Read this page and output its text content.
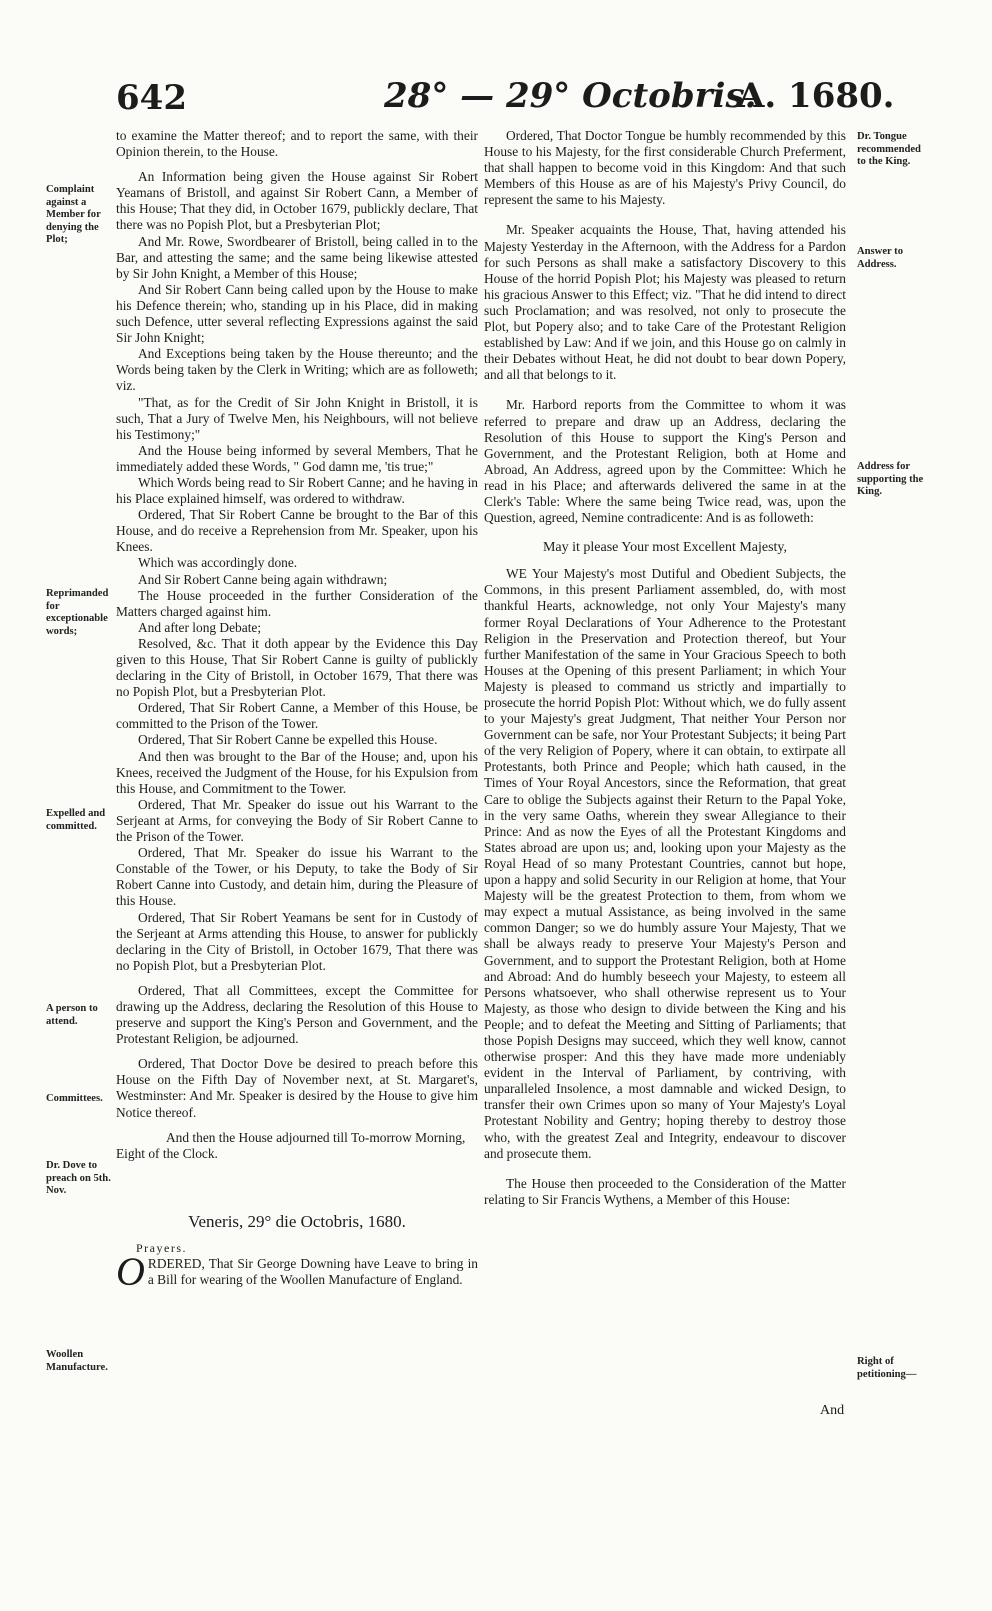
642	28° — 29° Octobris.
A. 1680.

to examine the Matter thereof; and to report the same, with their Opinion therein, to the House.

An Information being given the House against Sir Robert Yeamans of Bristoll, and against Sir Robert Cann, a Member of this House; That they did, in October 1679, publickly declare, That there was no Popish Plot, but a Presbyterian Plot;

And Mr. Rowe, Swordbearer of Bristoll, being called in to the Bar, and attesting the same; and the same being likewise attested by Sir John Knight, a Member of this House;

And Sir Robert Cann being called upon by the House to make his Defence therein; who, standing up in his Place, did in making such Defence, utter several reflecting Expressions against the said Sir John Knight;

And Exceptions being taken by the House thereunto; and the Words being taken by the Clerk in Writing; which are as followeth; viz.

"That, as for the Credit of Sir John Knight in Bristoll, it is such, That a Jury of Twelve Men, his Neighbours, will not believe his Testimony;"

And the House being informed by several Members, That he immediately added these Words, " God damn me, 'tis true;"

Which Words being read to Sir Robert Canne; and he having in his Place explained himself, was ordered to withdraw.

Ordered, That Sir Robert Canne be brought to the Bar of this House, and do receive a Reprehension from Mr. Speaker, upon his Knees.

Which was accordingly done.

And Sir Robert Canne being again withdrawn;

The House proceeded in the further Consideration of the Matters charged against him.

And after long Debate;

Resolved, &c. That it doth appear by the Evidence this Day given to this House, That Sir Robert Canne is guilty of publickly declaring in the City of Bristoll, in October 1679, That there was no Popish Plot, but a Presbyterian Plot.

Ordered, That Sir Robert Canne, a Member of this House, be committed to the Prison of the Tower.

Ordered, That Sir Robert Canne be expelled this House.

And then was brought to the Bar of the House; and, upon his Knees, received the Judgment of the House, for his Expulsion from this House, and Commitment to the Tower.

Ordered, That Mr. Speaker do issue out his Warrant to the Serjeant at Arms, for conveying the Body of Sir Robert Canne to the Prison of the Tower.

Ordered, That Mr. Speaker do issue his Warrant to the Constable of the Tower, or his Deputy, to take the Body of Sir Robert Canne into Custody, and detain him, during the Pleasure of this House.

Ordered, That Sir Robert Yeamans be sent for in Custody of the Serjeant at Arms attending this House, to answer for publickly declaring in the City of Bristoll, in October 1679, That there was no Popish Plot, but a Presbyterian Plot.

Ordered, That all Committees, except the Committee for drawing up the Address, declaring the Resolution of this House to preserve and support the King's Person and Government, and the Protestant Religion, be adjourned.

Ordered, That Doctor Dove be desired to preach before this House on the Fifth Day of November next, at St. Margaret's, Westminster: And Mr. Speaker is desired by the House to give him Notice thereof.

And then the House adjourned till To-morrow Morning, Eight of the Clock.

Veneris, 29° die Octobris, 1680.

Prayers.

ORDERED, That Sir George Downing have Leave to bring in a Bill for wearing of the Woollen Manufacture of England.

Ordered, That Doctor Tongue be humbly recommended by this House to his Majesty, for the first considerable Church Preferment, that shall happen to become void in this Kingdom: And that such Members of this House as are of his Majesty's Privy Council, do represent the same to his Majesty.

Mr. Speaker acquaints the House, That, having attended his Majesty Yesterday in the Afternoon, with the Address for a Pardon for such Persons as shall make a satisfactory Discovery to this House of the horrid Popish Plot; his Majesty was pleased to return his gracious Answer to this Effect; viz. "That he did intend to direct such Proclamation; and was resolved, not only to prosecute the Plot, but Popery also; and to take Care of the Protestant Religion established by Law: And if we join, and this House go on calmly in their Debates without Heat, he did not doubt to bear down Popery, and all that belongs to it.

Mr. Harbord reports from the Committee to whom it was referred to prepare and draw up an Address, declaring the Resolution of this House to support the King's Person and Government, and the Protestant Religion, both at Home and Abroad, An Address, agreed upon by the Committee: Which he read in his Place; and afterwards delivered the same in at the Clerk's Table: Where the same being Twice read, was, upon the Question, agreed, Nemine contradicente: And is as followeth:

May it please Your most Excellent Majesty,

WE Your Majesty's most Dutiful and Obedient Subjects, the Commons, in this present Parliament assembled, do, with most thankful Hearts, acknowledge, not only Your Majesty's many former Royal Declarations of Your Adherence to the Protestant Religion in the Preservation and Protection thereof, but Your further Manifestation of the same in Your Gracious Speech to both Houses at the Opening of this present Parliament; in which Your Majesty is pleased to command us strictly and impartially to prosecute the horrid Popish Plot: Without which, we do fully assent to your Majesty's great Judgment, That neither Your Person nor Government can be safe, nor Your Protestant Subjects; it being Part of the very Religion of Popery, where it can obtain, to extirpate all Protestants, both Prince and People; which hath caused, in the Times of Your Royal Ancestors, since the Reformation, that great Care to oblige the Subjects against their Return to the Papal Yoke, in the very same Oaths, wherein they swear Allegiance to their Prince: And as now the Eyes of all the Protestant Kingdoms and States abroad are upon us; and, looking upon your Majesty as the Royal Head of so many Protestant Countries, cannot but hope, upon a happy and solid Security in our Religion at home, that Your Majesty will be the greatest Protection to them, from whom we may expect a mutual Assistance, as being involved in the same common Danger; so we do humbly assure Your Majesty, That we shall be always ready to preserve Your Majesty's Person and Government, and to support the Protestant Religion, both at Home and Abroad: And do humbly beseech your Majesty, to esteem all Persons whatsoever, who shall otherwise represent us to Your Majesty, as those who design to divide between the King and his People; and to defeat the Meeting and Sitting of Parliaments; that those Popish Designs may succeed, which they well know, cannot otherwise prosper: And this they have made more undeniably evident in the Interval of Parliament, by contriving, with unparalleled Insolence, a most damnable and wicked Design, to transfer their own Crimes upon so many of Your Majesty's Loyal Protestant Nobility and Gentry; hoping thereby to destroy those who, with the greatest Zeal and Integrity, endeavour to discover and prosecute them.

The House then proceeded to the Consideration of the Matter relating to Sir Francis Wythens, a Member of this House:

And
Complaint against a Member for denying the Plot;
Reprimanded for exceptionable words;
Expelled and committed.
A person to attend.
Committees.
Dr. Dove to preach on 5th. Nov.
Woollen Manufacture.
Dr. Tongue recommended to the King.
Answer to Address.
Address for supporting the King.
Right of petitioning—
